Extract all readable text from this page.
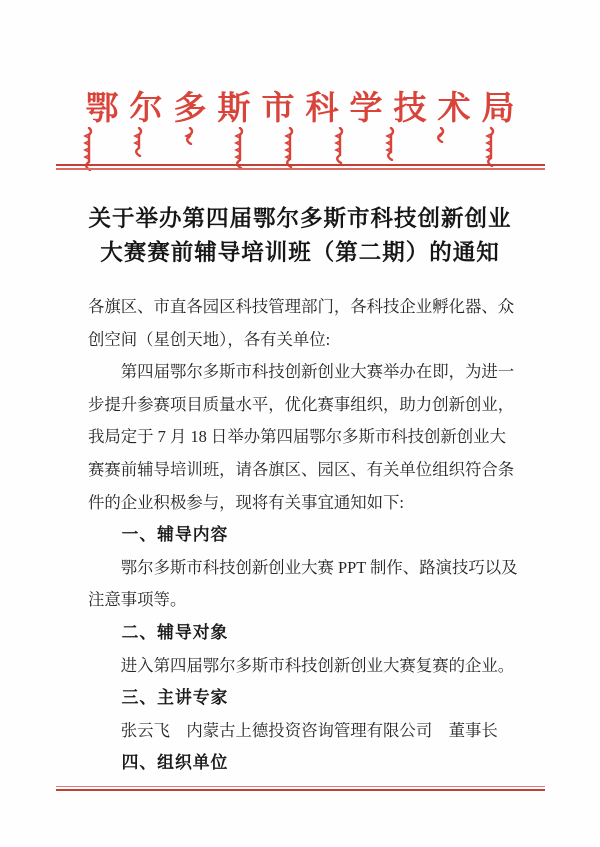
鄂尔多斯市科学技术局
关于举办第四届鄂尔多斯市科技创新创业
大赛赛前辅导培训班（第二期）的通知
各旗区、市直各园区科技管理部门，各科技企业孵化器、众
创空间（星创天地），各有关单位:
第四届鄂尔多斯市科技创新创业大赛举办在即，为进一
步提升参赛项目质量水平，优化赛事组织，助力创新创业，
我局定于 7 月 18 日举办第四届鄂尔多斯市科技创新创业大
赛赛前辅导培训班，请各旗区、园区、有关单位组织符合条
件的企业积极参与，现将有关事宜通知如下:
一、辅导内容
鄂尔多斯市科技创新创业大赛 PPT 制作、路演技巧以及
注意事项等。
二、辅导对象
进入第四届鄂尔多斯市科技创新创业大赛复赛的企业。
三、主讲专家
张云飞　内蒙古上德投资咨询管理有限公司　董事长
四、组织单位
